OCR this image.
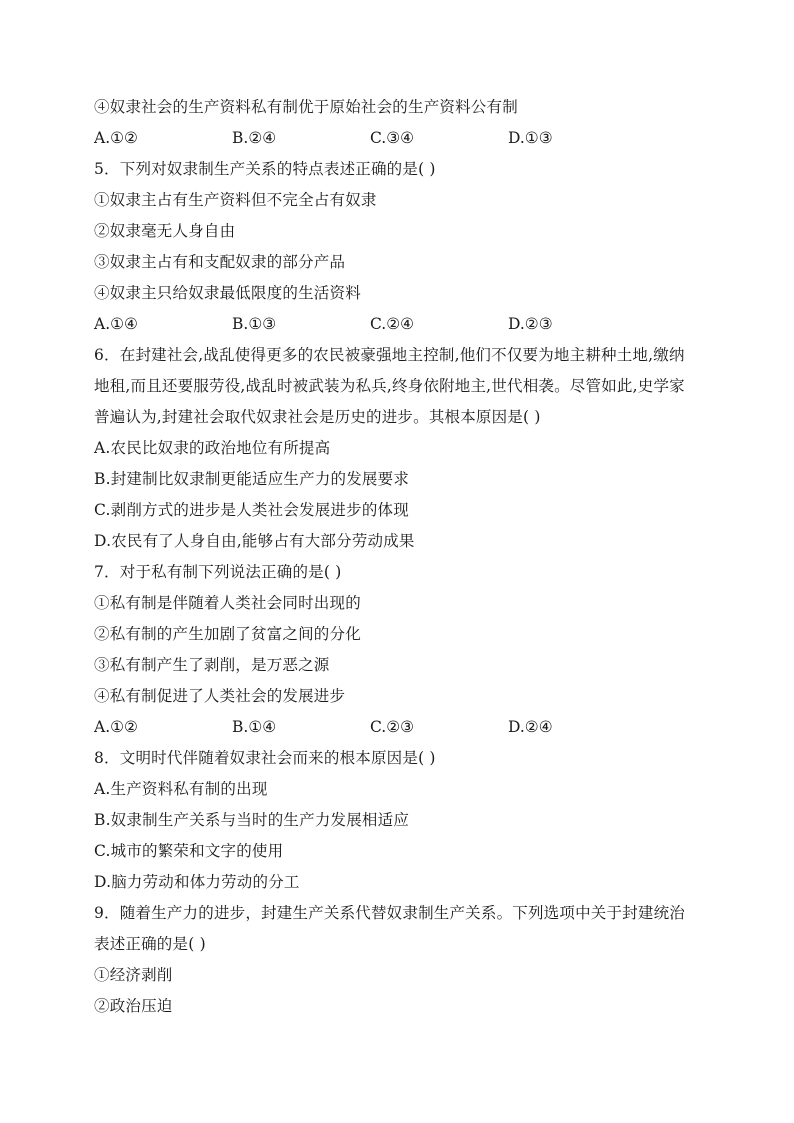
④奴隶社会的生产资料私有制优于原始社会的生产资料公有制
A.①②	B.②④	C.③④	D.①③
5．下列对奴隶制生产关系的特点表述正确的是( )
①奴隶主占有生产资料但不完全占有奴隶
②奴隶毫无人身自由
③奴隶主占有和支配奴隶的部分产品
④奴隶主只给奴隶最低限度的生活资料
A.①④	B.①③	C.②④	D.②③
6．在封建社会,战乱使得更多的农民被豪强地主控制,他们不仅要为地主耕种土地,缴纳
地租,而且还要服劳役,战乱时被武装为私兵,终身依附地主,世代相袭。尽管如此,史学家
普遍认为,封建社会取代奴隶社会是历史的进步。其根本原因是( )
A.农民比奴隶的政治地位有所提高
B.封建制比奴隶制更能适应生产力的发展要求
C.剥削方式的进步是人类社会发展进步的体现
D.农民有了人身自由,能够占有大部分劳动成果
7．对于私有制下列说法正确的是( )
①私有制是伴随着人类社会同时出现的
②私有制的产生加剧了贫富之间的分化
③私有制产生了剥削，是万恶之源
④私有制促进了人类社会的发展进步
A.①②	B.①④	C.②③	D.②④
8．文明时代伴随着奴隶社会而来的根本原因是( )
A.生产资料私有制的出现
B.奴隶制生产关系与当时的生产力发展相适应
C.城市的繁荣和文字的使用
D.脑力劳动和体力劳动的分工
9．随着生产力的进步，封建生产关系代替奴隶制生产关系。下列选项中关于封建统治
表述正确的是( )
①经济剥削
②政治压迫
